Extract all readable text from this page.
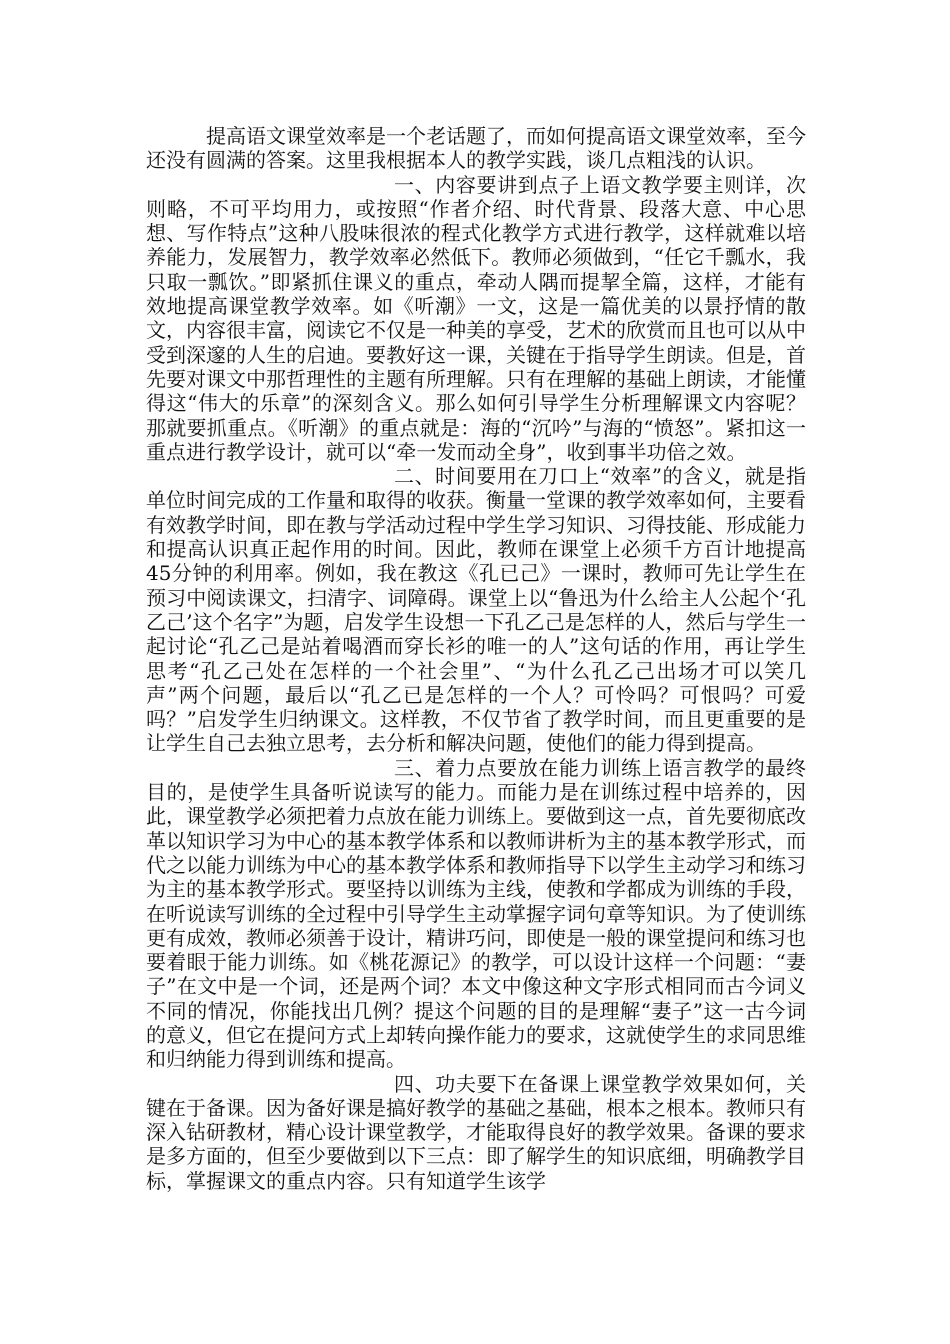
提高语文课堂效率是一个老话题了，而如何提高语文课堂效率，至今还没有圆满的答案。这里我根据本人的教学实践，谈几点粗浅的认识。

一、内容要讲到点子上语文教学要主则详，次则略，不可平均用力，或按照“作者介绍、时代背景、段落大意、中心思想、写作特点”这种八股味很浓的程式化教学方式进行教学，这样就难以培养能力，发展智力，教学效率必然低下。教师必须做到，“任它千瓢水，我只取一瓢饮。”即紧抓住课义的重点，牵动人隅而提挈全篇，这样，才能有效地提高课堂教学效率。如《听潮》一文，这是一篇优美的以景抒情的散文，内容很丰富，阅读它不仅是一种美的享受，艺术的欣赏而且也可以从中受到深邃的人生的启迪。要教好这一课，关键在于指导学生朗读。但是，首先要对课文中那哲理性的主题有所理解。只有在理解的基础上朗读，才能懂得这“伟大的乐章”的深刻含义。那么如何引导学生分析理解课文内容呢？那就要抓重点。《听潮》的重点就是：海的“沉吟”与海的“愤怒”。紧扣这一重点进行教学设计，就可以“牵一发而动全身”，收到事半功倍之效。

二、时间要用在刀口上“效率”的含义，就是指单位时间完成的工作量和取得的收获。衡量一堂课的教学效率如何，主要看有效教学时间，即在教与学活动过程中学生学习知识、习得技能、形成能力和提高认识真正起作用的时间。因此，教师在课堂上必须千方百计地提高45分钟的利用率。例如，我在教这《孔已己》一课时，教师可先让学生在预习中阅读课文，扫清字、词障碍。课堂上以“鲁迅为什么给主人公起个‘孔乙己’这个名字”为题，启发学生设想一下孔乙己是怎样的人，然后与学生一起讨论“孔乙己是站着喝酒而穿长衫的唯一的人”这句话的作用，再让学生思考“孔乙己处在怎样的一个社会里”、“为什么孔乙己出场才可以笑几声”两个问题，最后以“孔乙已是怎样的一个人？可怜吗？可恨吗？可爱吗？”启发学生归纳课文。这样教，不仅节省了教学时间，而且更重要的是让学生自己去独立思考，去分析和解决问题，使他们的能力得到提高。

三、着力点要放在能力训练上语言教学的最终目的，是使学生具备听说读写的能力。而能力是在训练过程中培养的，因此，课堂教学必须把着力点放在能力训练上。要做到这一点，首先要彻底改革以知识学习为中心的基本教学体系和以教师讲析为主的基本教学形式，而代之以能力训练为中心的基本教学体系和教师指导下以学生主动学习和练习为主的基本教学形式。要坚持以训练为主线，使教和学都成为训练的手段，在听说读写训练的全过程中引导学生主动掌握字词句章等知识。为了使训练更有成效，教师必须善于设计，精讲巧问，即使是一般的课堂提问和练习也要着眼于能力训练。如《桃花源记》的教学，可以设计这样一个问题：“妻子”在文中是一个词，还是两个词？本文中像这种文字形式相同而古今词义不同的情况，你能找出几例？提这个问题的目的是理解“妻子”这一古今词的意义，但它在提问方式上却转向操作能力的要求，这就使学生的求同思维和归纳能力得到训练和提高。

四、功夫要下在备课上课堂教学效果如何，关键在于备课。因为备好课是搞好教学的基础之基础，根本之根本。教师只有深入钻研教材，精心设计课堂教学，才能取得良好的教学效果。备课的要求是多方面的，但至少要做到以下三点：即了解学生的知识底细，明确教学目标，掌握课文的重点内容。只有知道学生该学
